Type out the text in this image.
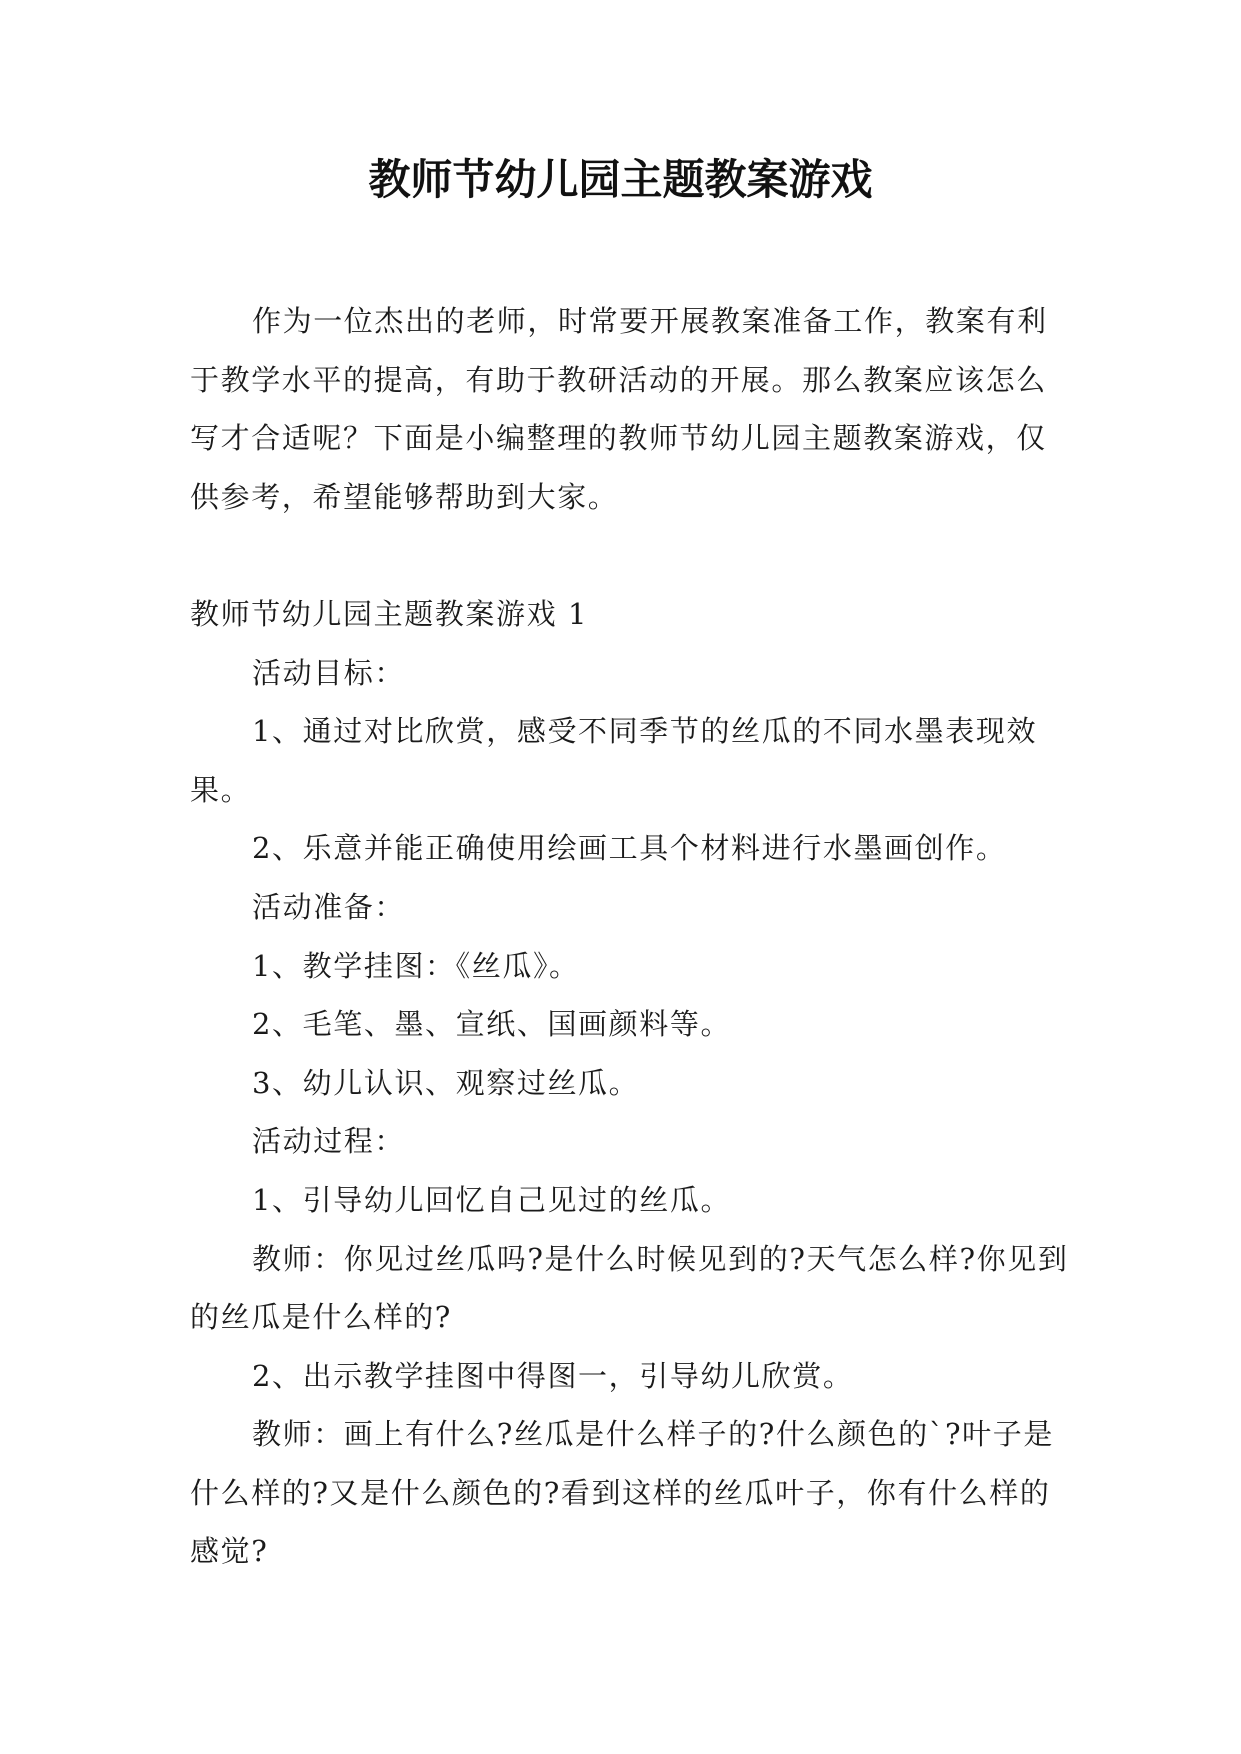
教师节幼儿园主题教案游戏

作为一位杰出的老师，时常要开展教案准备工作，教案有利于教学水平的提高，有助于教研活动的开展。那么教案应该怎么写才合适呢？下面是小编整理的教师节幼儿园主题教案游戏，仅供参考，希望能够帮助到大家。

教师节幼儿园主题教案游戏 1

活动目标：

1、通过对比欣赏，感受不同季节的丝瓜的不同水墨表现效果。

2、乐意并能正确使用绘画工具个材料进行水墨画创作。

活动准备：

1、教学挂图：《丝瓜》。

2、毛笔、墨、宣纸、国画颜料等。

3、幼儿认识、观察过丝瓜。

活动过程：

1、引导幼儿回忆自己见过的丝瓜。

教师：你见过丝瓜吗?是什么时候见到的?天气怎么样?你见到的丝瓜是什么样的?

2、出示教学挂图中得图一，引导幼儿欣赏。

教师：画上有什么?丝瓜是什么样子的?什么颜色的`?叶子是什么样的?又是什么颜色的?看到这样的丝瓜叶子，你有什么样的感觉?
